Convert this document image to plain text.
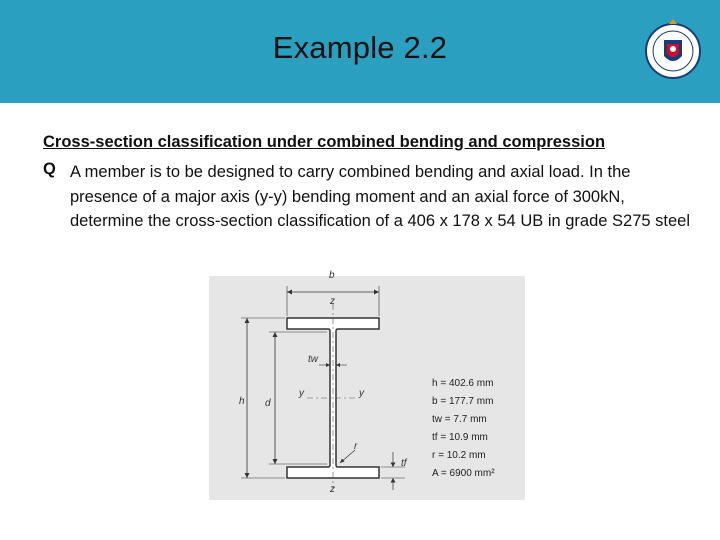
Example 2.2
Cross-section classification under combined bending and compression
Q A member is to be designed to carry combined bending and axial load. In the presence of a major axis (y-y) bending moment and an axial force of 300kN, determine the cross-section classification of a 406 x 178 x 54 UB in grade S275 steel
b
z
z
tw
y	y
h d
r
tf
h = 402.6 mm
b = 177.7 mm
tw = 7.7 mm
tf = 10.9 mm
r = 10.2 mm
A = 6900 mm²
